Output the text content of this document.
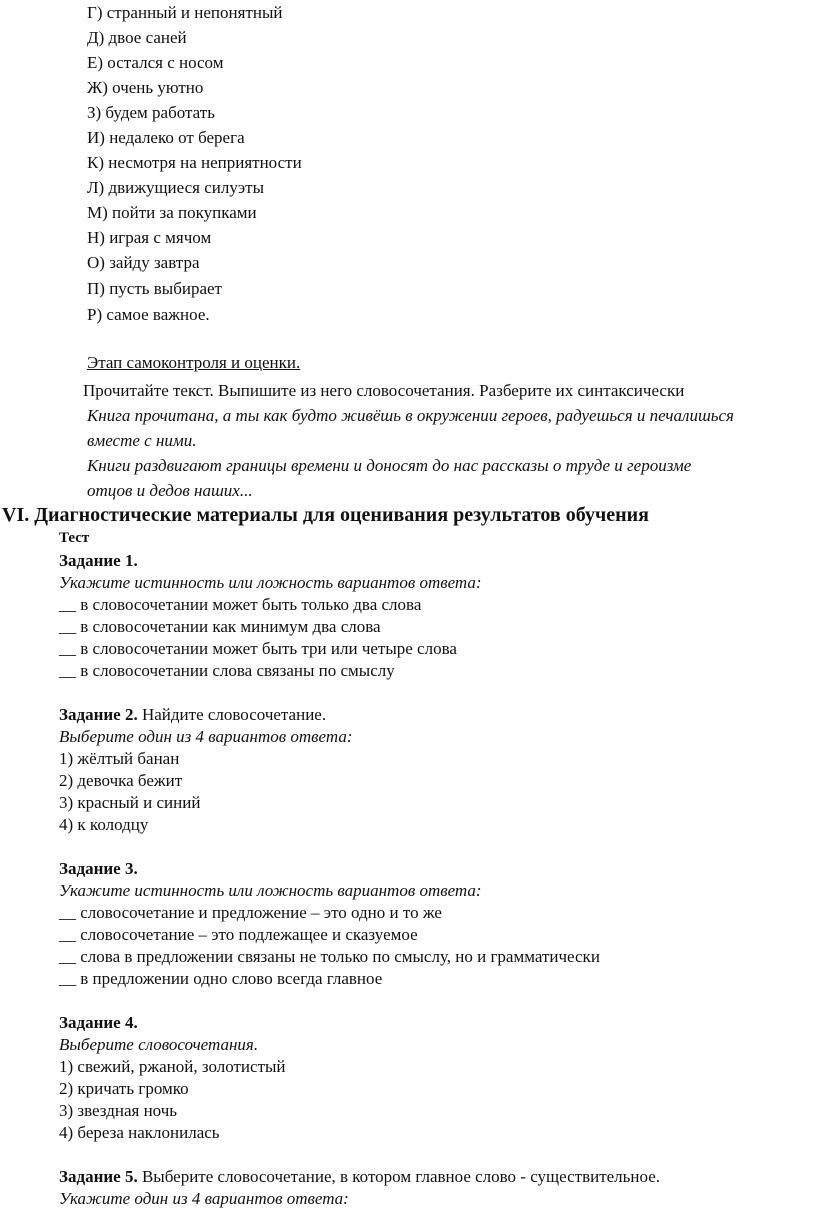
Г) странный и непонятный
Д) двое саней
Е) остался с носом
Ж) очень уютно
З) будем работать
И) недалеко от берега
К) несмотря на неприятности
Л) движущиеся силуэты
М) пойти за покупками
Н) играя с мячом
О) зайду завтра
П) пусть выбирает
Р) самое важное.
Этап самоконтроля и оценки.
Прочитайте текст. Выпишите из него словосочетания. Разберите их синтаксически
Книга прочитана, а ты как будто живёшь в окружении героев, радуешься и печалишься
вместе с ними.
Книги раздвигают границы времени и доносят до нас рассказы о труде и героизме
отцов и дедов наших...
VI. Диагностические материалы для оценивания результатов обучения
Тест
Задание 1.
Укажите истинность или ложность вариантов ответа:
__ в словосочетании может быть только два слова
__ в словосочетании как минимум два слова
__ в словосочетании может быть три или четыре слова
__ в словосочетании слова связаны по смыслу
Задание 2. Найдите словосочетание.
Выберите один из 4 вариантов ответа:
1) жёлтый банан
2) девочка бежит
3) красный и синий
4) к колодцу
Задание 3.
Укажите истинность или ложность вариантов ответа:
__ словосочетание и предложение – это одно и то же
__ словосочетание – это подлежащее и сказуемое
__ слова в предложении связаны не только по смыслу, но и грамматически
__ в предложении одно слово всегда главное
Задание 4.
Выберите словосочетания.
1) свежий, ржаной, золотистый
2) кричать громко
3) звездная ночь
4) береза наклонилась
Задание 5. Выберите словосочетание, в котором главное слово - существительное.
Укажите один из 4 вариантов ответа:
